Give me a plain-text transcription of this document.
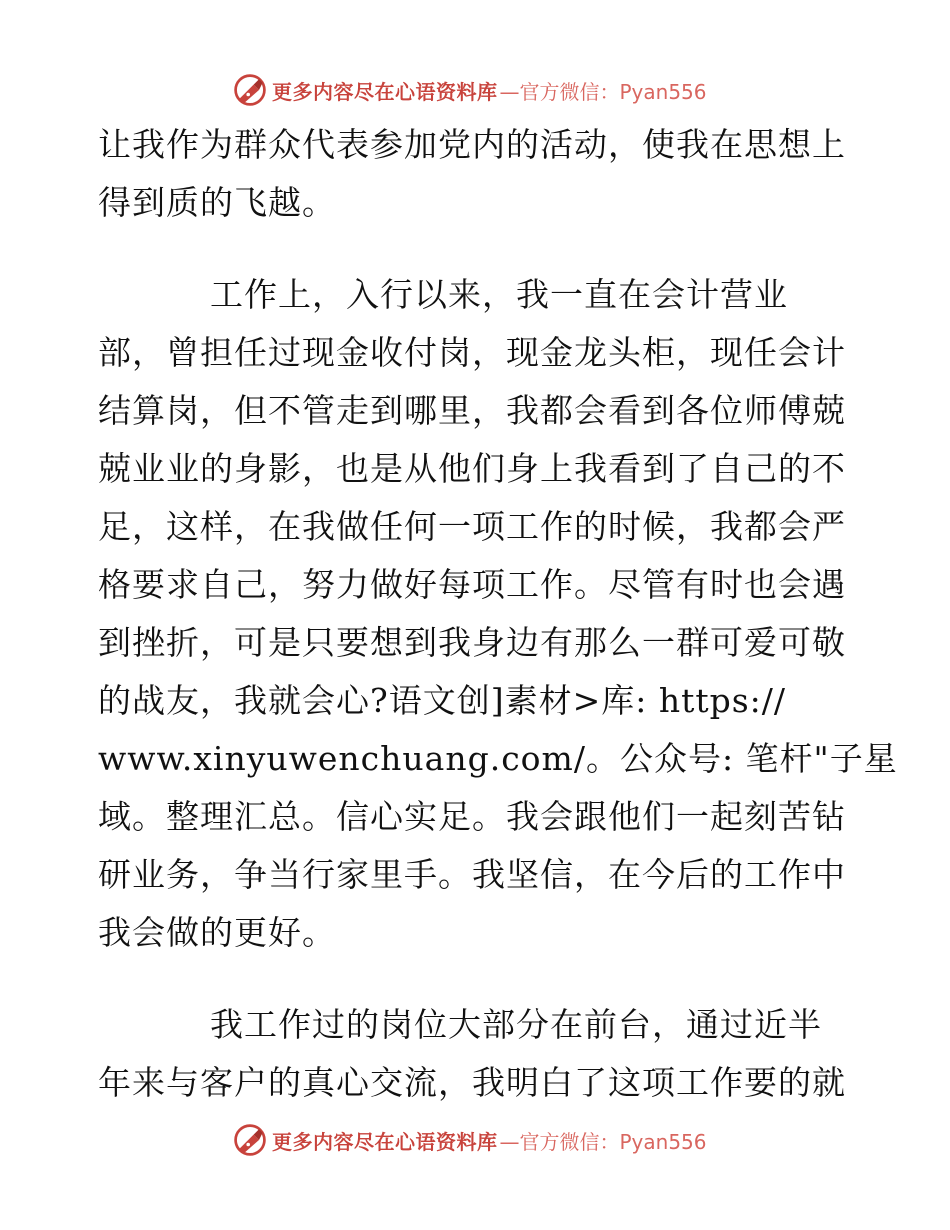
更多内容尽在心语资料库 —官方微信：Pyan556
让我作为群众代表参加党内的活动，使我在思想上
得到质的飞越。
工作上，入行以来，我一直在会计营业
部，曾担任过现金收付岗，现金龙头柜，现任会计
结算岗，但不管走到哪里，我都会看到各位师傅兢
兢业业的身影，也是从他们身上我看到了自己的不
足，这样，在我做任何一项工作的时候，我都会严
格要求自己，努力做好每项工作。尽管有时也会遇
到挫折，可是只要想到我身边有那么一群可爱可敬
的战友，我就会心?语文创]素材>库: https://
www.xinyuwenchuang.com/。公众号: 笔杆"子星
域。整理汇总。信心实足。我会跟他们一起刻苦钻
研业务，争当行家里手。我坚信，在今后的工作中
我会做的更好。
我工作过的岗位大部分在前台，通过近半
年来与客户的真心交流，我明白了这项工作要的就
更多内容尽在心语资料库 —官方微信：Pyan556
